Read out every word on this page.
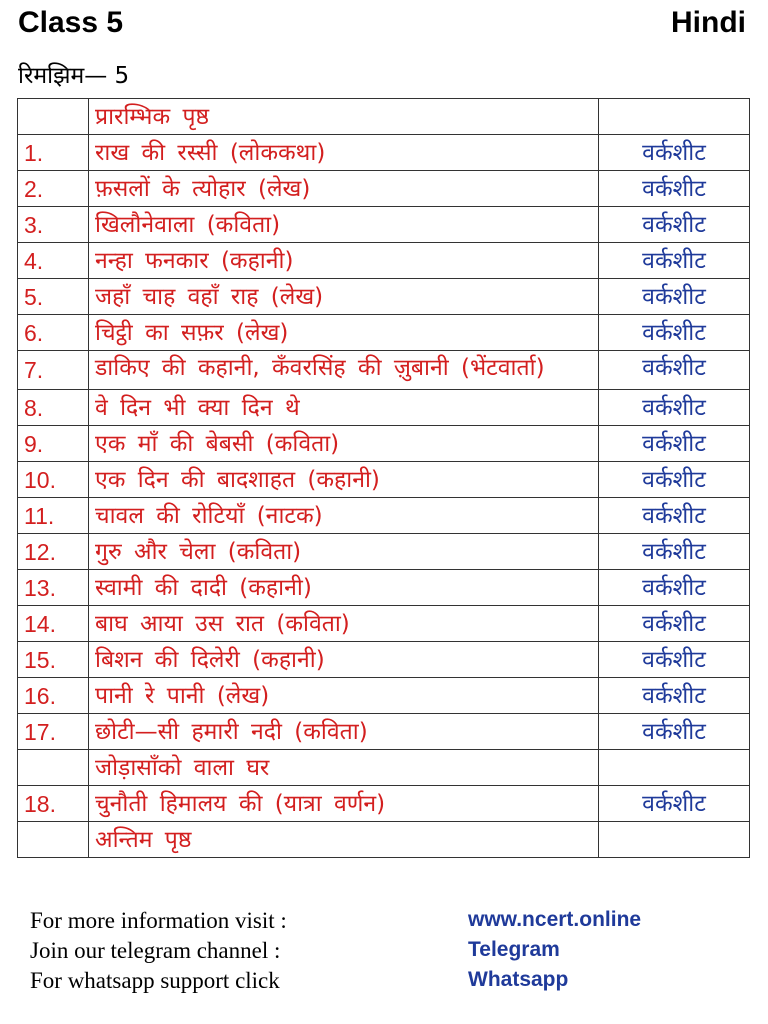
Class 5	Hindi
रिमझिम— 5
	प्रारम्भिक पृष्ठ	
1.	राख की रस्सी (लोककथा)	वर्कशीट
2.	फ़सलों के त्योहार (लेख)	वर्कशीट
3.	खिलौनेवाला (कविता)	वर्कशीट
4.	नन्हा फनकार (कहानी)	वर्कशीट
5.	जहाँ चाह वहाँ राह (लेख)	वर्कशीट
6.	चिट्ठी का सफ़र (लेख)	वर्कशीट
7.	डाकिए की कहानी, कँवरसिंह की ज़ुबानी (भेंटवार्ता)	वर्कशीट
8.	वे दिन भी क्या दिन थे	वर्कशीट
9.	एक माँ की बेबसी (कविता)	वर्कशीट
10.	एक दिन की बादशाहत (कहानी)	वर्कशीट
11.	चावल की रोटियाँ (नाटक)	वर्कशीट
12.	गुरु और चेला (कविता)	वर्कशीट
13.	स्वामी की दादी (कहानी)	वर्कशीट
14.	बाघ आया उस रात (कविता)	वर्कशीट
15.	बिशन की दिलेरी (कहानी)	वर्कशीट
16.	पानी रे पानी (लेख)	वर्कशीट
17.	छोटी—सी हमारी नदी (कविता)	वर्कशीट
	जोड़ासाँको वाला घर	
18.	चुनौती हिमालय की (यात्रा वर्णन)	वर्कशीट
	अन्तिम पृष्ठ	
For more information visit :	www.ncert.online
Join our telegram channel :	Telegram
For whatsapp support click	Whatsapp
